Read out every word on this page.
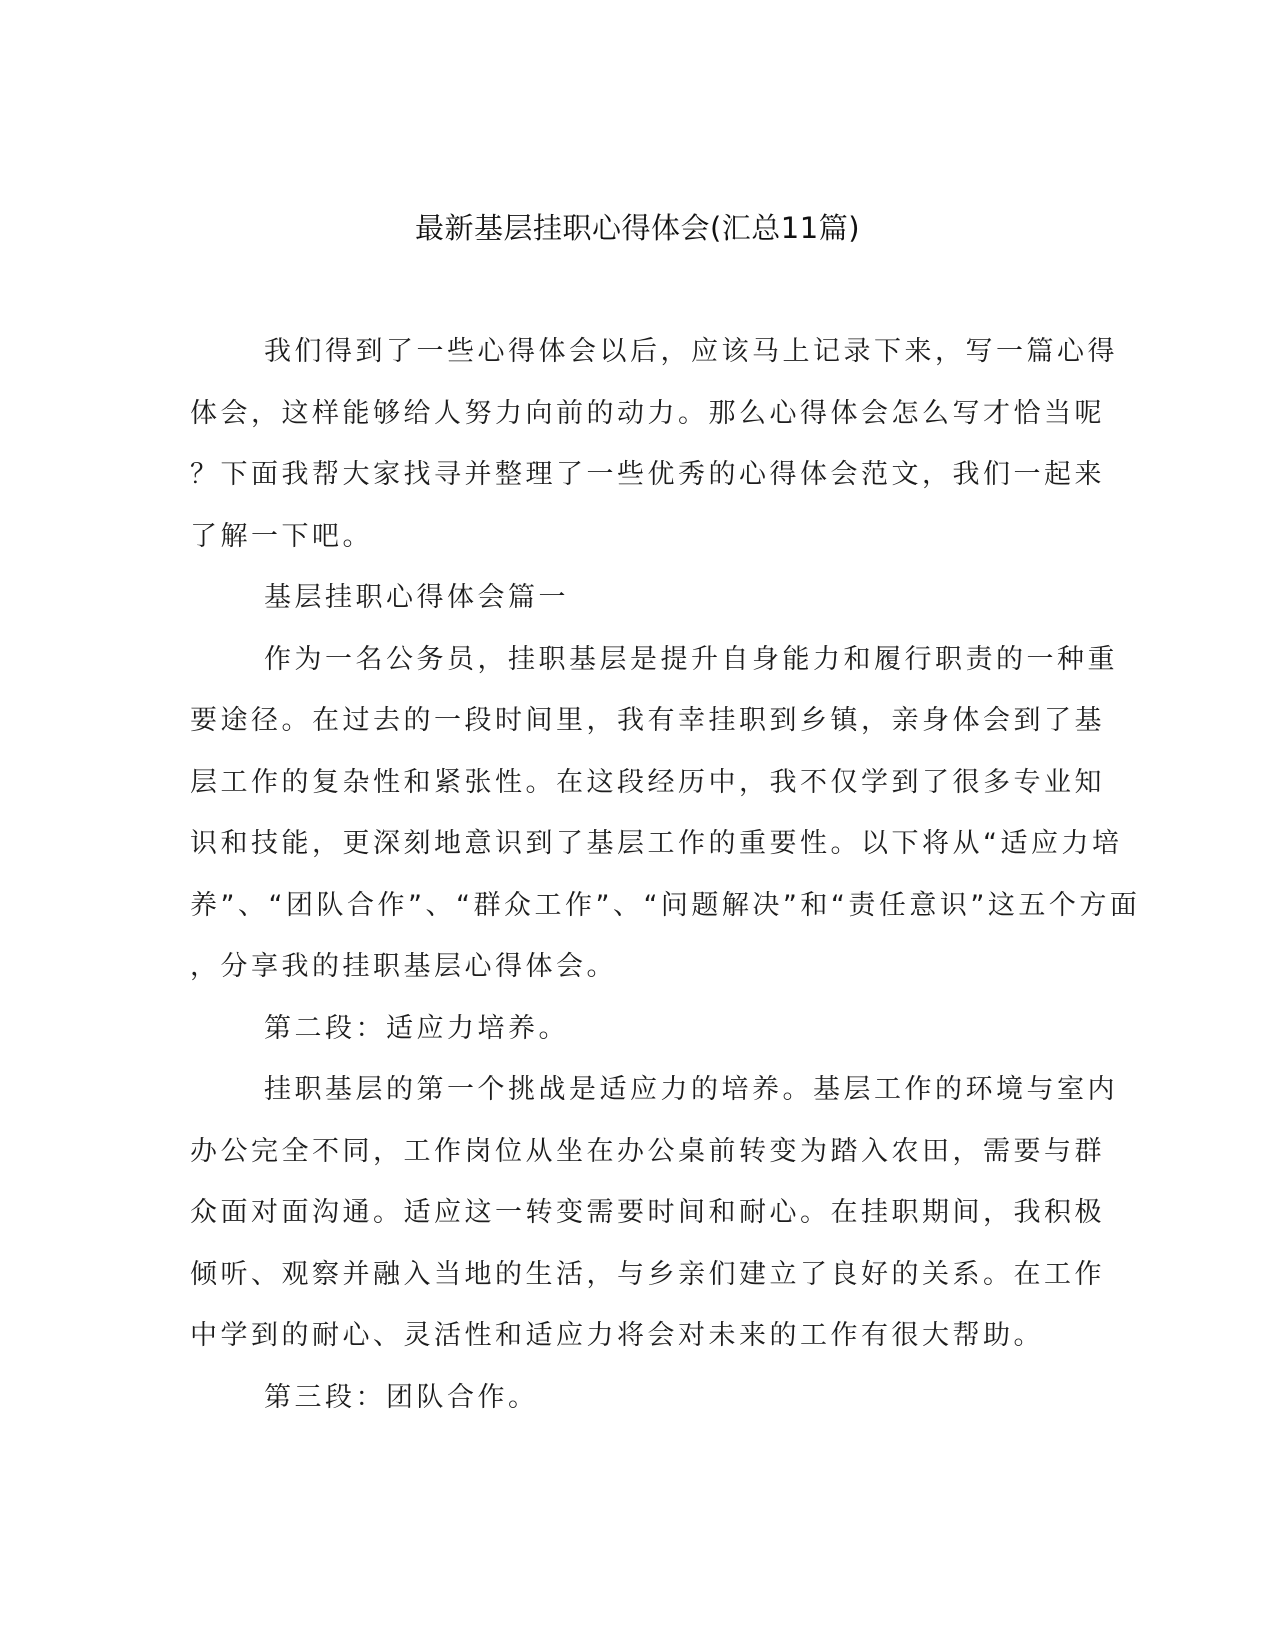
最新基层挂职心得体会(汇总11篇)

我们得到了一些心得体会以后，应该马上记录下来，写一篇心得
体会，这样能够给人努力向前的动力。那么心得体会怎么写才恰当呢
？下面我帮大家找寻并整理了一些优秀的心得体会范文，我们一起来
了解一下吧。

基层挂职心得体会篇一

作为一名公务员，挂职基层是提升自身能力和履行职责的一种重
要途径。在过去的一段时间里，我有幸挂职到乡镇，亲身体会到了基
层工作的复杂性和紧张性。在这段经历中，我不仅学到了很多专业知
识和技能，更深刻地意识到了基层工作的重要性。以下将从“适应力培
养”、“团队合作”、“群众工作”、“问题解决”和“责任意识”这五个方面
，分享我的挂职基层心得体会。

第二段：适应力培养。

挂职基层的第一个挑战是适应力的培养。基层工作的环境与室内
办公完全不同，工作岗位从坐在办公桌前转变为踏入农田，需要与群
众面对面沟通。适应这一转变需要时间和耐心。在挂职期间，我积极
倾听、观察并融入当地的生活，与乡亲们建立了良好的关系。在工作
中学到的耐心、灵活性和适应力将会对未来的工作有很大帮助。

第三段：团队合作。
